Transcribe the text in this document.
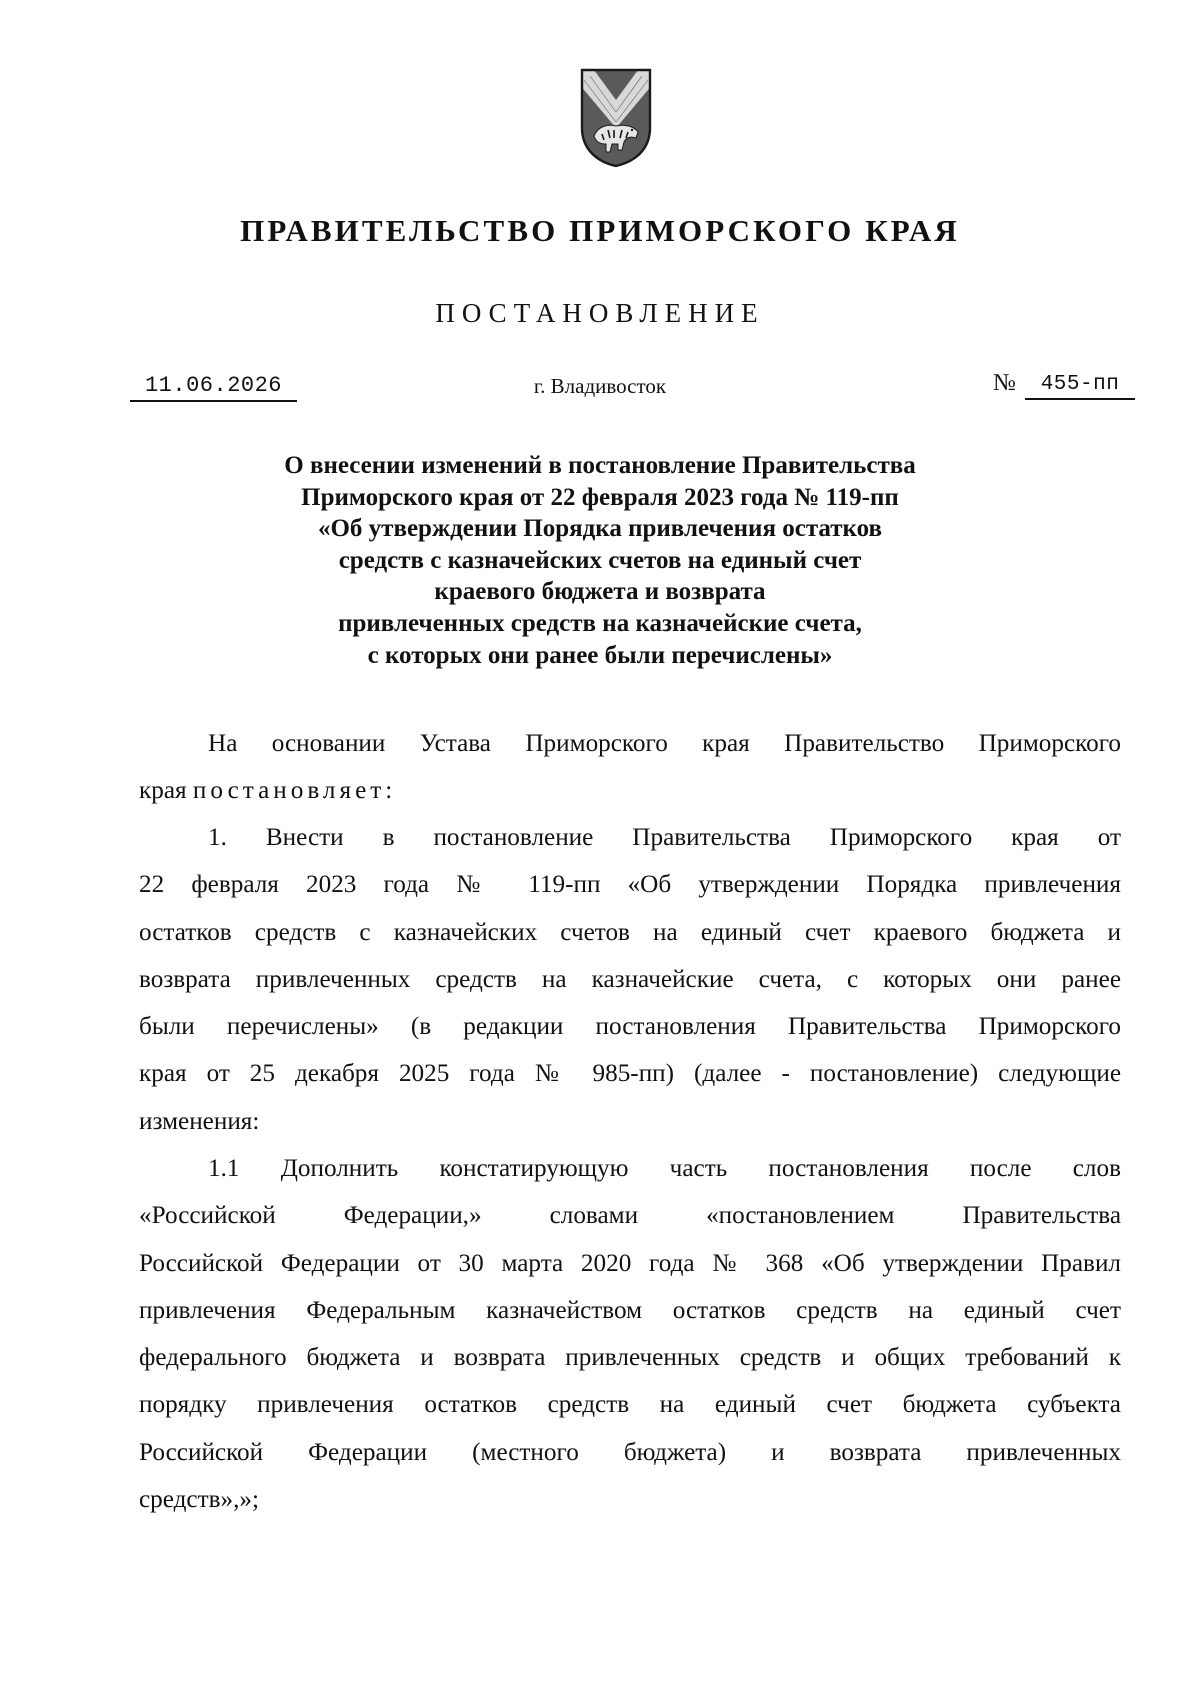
ПРАВИТЕЛЬСТВО ПРИМОРСКОГО КРАЯ
ПОСТАНОВЛЕНИЕ
11.06.2026	г. Владивосток	№	455-пп
О внесении изменений в постановление Правительства
Приморского края от 22 февраля 2023 года № 119-пп
«Об утверждении Порядка привлечения остатков
средств с казначейских счетов на единый счет
краевого бюджета и возврата
привлеченных средств на казначейские счета,
с которых они ранее были перечислены»
На основании Устава Приморского края Правительство Приморского
края постановляет:
1. Внести в постановление Правительства Приморского края от
22 февраля 2023 года № 119-пп «Об утверждении Порядка привлечения
остатков средств с казначейских счетов на единый счет краевого бюджета и
возврата привлеченных средств на казначейские счета, с которых они ранее
были перечислены» (в редакции постановления Правительства Приморского
края от 25 декабря 2025 года № 985-пп) (далее - постановление) следующие
изменения:
1.1 Дополнить констатирующую часть постановления после слов
«Российской Федерации,» словами «постановлением Правительства
Российской Федерации от 30 марта 2020 года № 368 «Об утверждении Правил
привлечения Федеральным казначейством остатков средств на единый счет
федерального бюджета и возврата привлеченных средств и общих требований к
порядку привлечения остатков средств на единый счет бюджета субъекта
Российской Федерации (местного бюджета) и возврата привлеченных
средств»,»;
